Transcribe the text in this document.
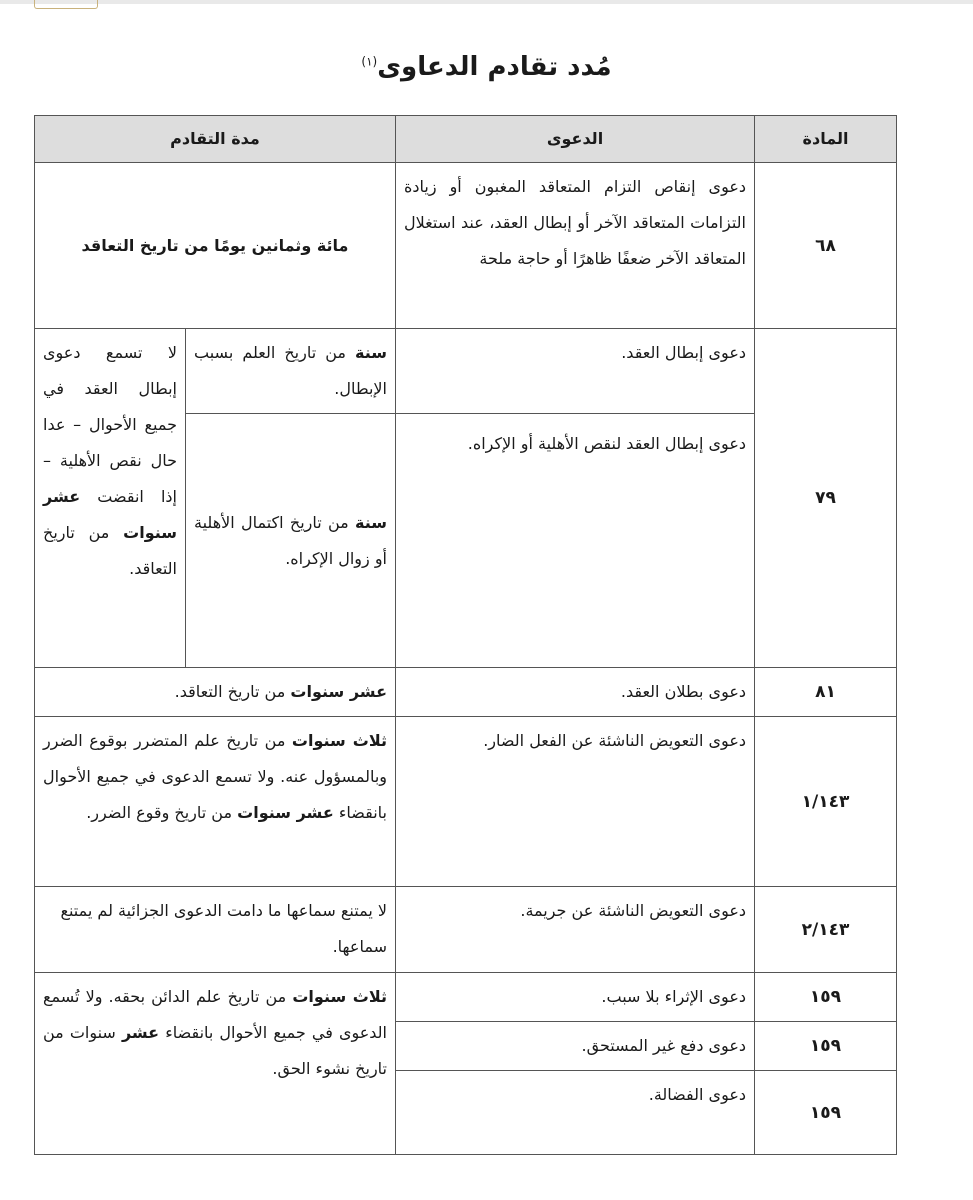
مُدد تقادم الدعاوى$^{(١)}$
المادة	الدعوى	مدة التقادم	
٦٨	دعوى إنقاص التزام المتعاقد المغبون أو زيادة التزامات المتعاقد الآخر أو إبطال العقد، عند استغلال المتعاقد الآخر ضعفًا ظاهرًا أو حاجة ملحة	مائة وثمانين يومًا من تاريخ التعاقد	
٧٩	دعوى إبطال العقد.	سنة من تاريخ العلم بسبب الإبطال.	لا تسمع دعوى إبطال العقد في جميع الأحوال – عدا حال نقص الأهلية – إذا انقضت عشر سنوات من تاريخ التعاقد.
	دعوى إبطال العقد لنقص الأهلية أو الإكراه.	سنة من تاريخ اكتمال الأهلية أو زوال الإكراه.	
٨١	دعوى بطلان العقد.	عشر سنوات من تاريخ التعاقد.	
١/١٤٣	دعوى التعويض الناشئة عن الفعل الضار.	ثلاث سنوات من تاريخ علم المتضرر بوقوع الضرر وبالمسؤول عنه. ولا تسمع الدعوى في جميع الأحوال بانقضاء عشر سنوات من تاريخ وقوع الضرر.	
٢/١٤٣	دعوى التعويض الناشئة عن جريمة.	لا يمتنع سماعها ما دامت الدعوى الجزائية لم يمتنع سماعها.	
١٥٩	دعوى الإثراء بلا سبب.	ثلاث سنوات من تاريخ علم الدائن بحقه. ولا تُسمع الدعوى في جميع الأحوال بانقضاء عشر سنوات من تاريخ نشوء الحق.	
١٥٩	دعوى دفع غير المستحق.		
١٥٩	دعوى الفضالة.		
